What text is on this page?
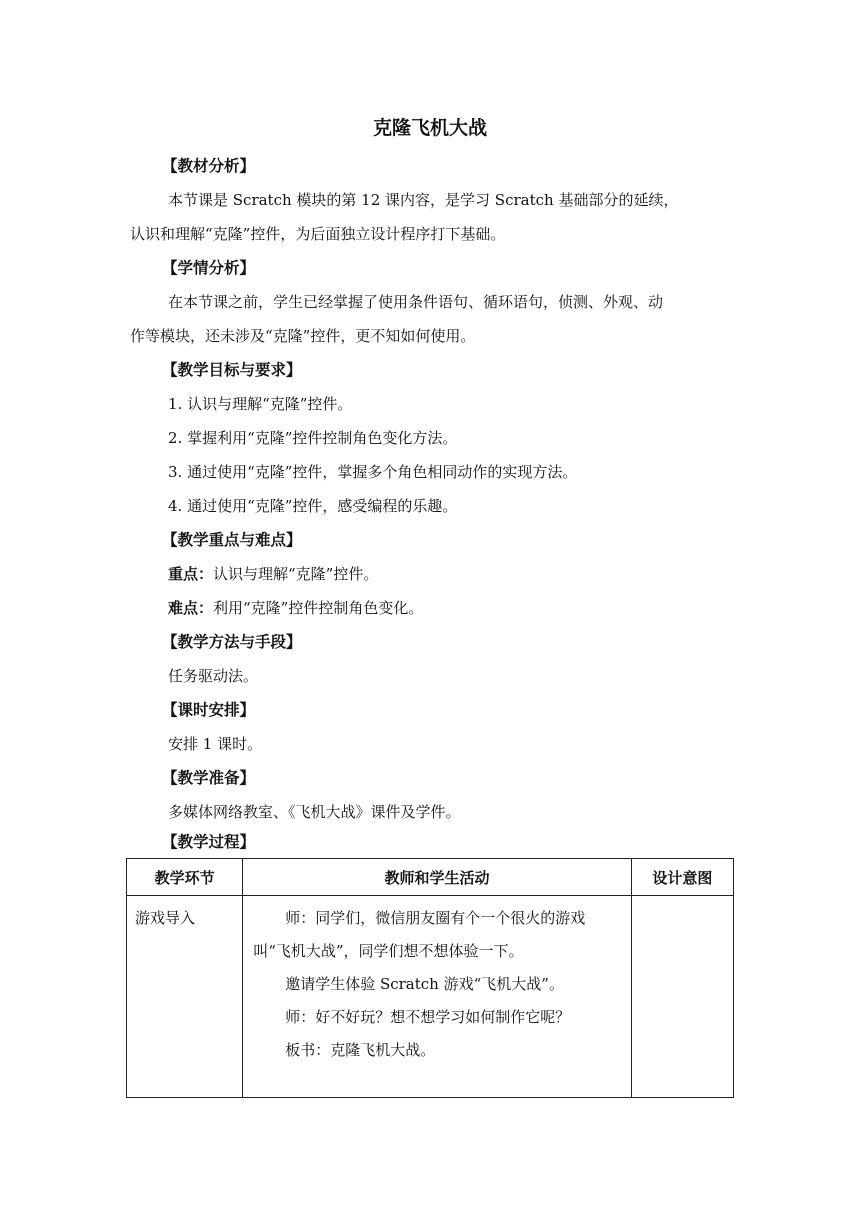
克隆飞机大战
【教材分析】
本节课是 Scratch 模块的第 12 课内容，是学习 Scratch 基础部分的延续，
认识和理解“克隆”控件，为后面独立设计程序打下基础。
【学情分析】
在本节课之前，学生已经掌握了使用条件语句、循环语句，侦测、外观、动
作等模块，还未涉及“克隆”控件，更不知如何使用。
【教学目标与要求】
1. 认识与理解“克隆”控件。
2. 掌握利用“克隆”控件控制角色变化方法。
3. 通过使用“克隆”控件，掌握多个角色相同动作的实现方法。
4. 通过使用“克隆”控件，感受编程的乐趣。
【教学重点与难点】
重点：认识与理解“克隆”控件。
难点：利用“克隆”控件控制角色变化。
【教学方法与手段】
任务驱动法。
【课时安排】
安排 1 课时。
【教学准备】
多媒体网络教室、《飞机大战》课件及学件。
【教学过程】
教学环节	教师和学生活动	设计意图
游戏导入	师：同学们，微信朋友圈有个一个很火的游戏
叫“飞机大战”，同学们想不想体验一下。
邀请学生体验 Scratch 游戏“飞机大战”。
师：好不好玩？想不想学习如何制作它呢？
板书：克隆飞机大战。	
